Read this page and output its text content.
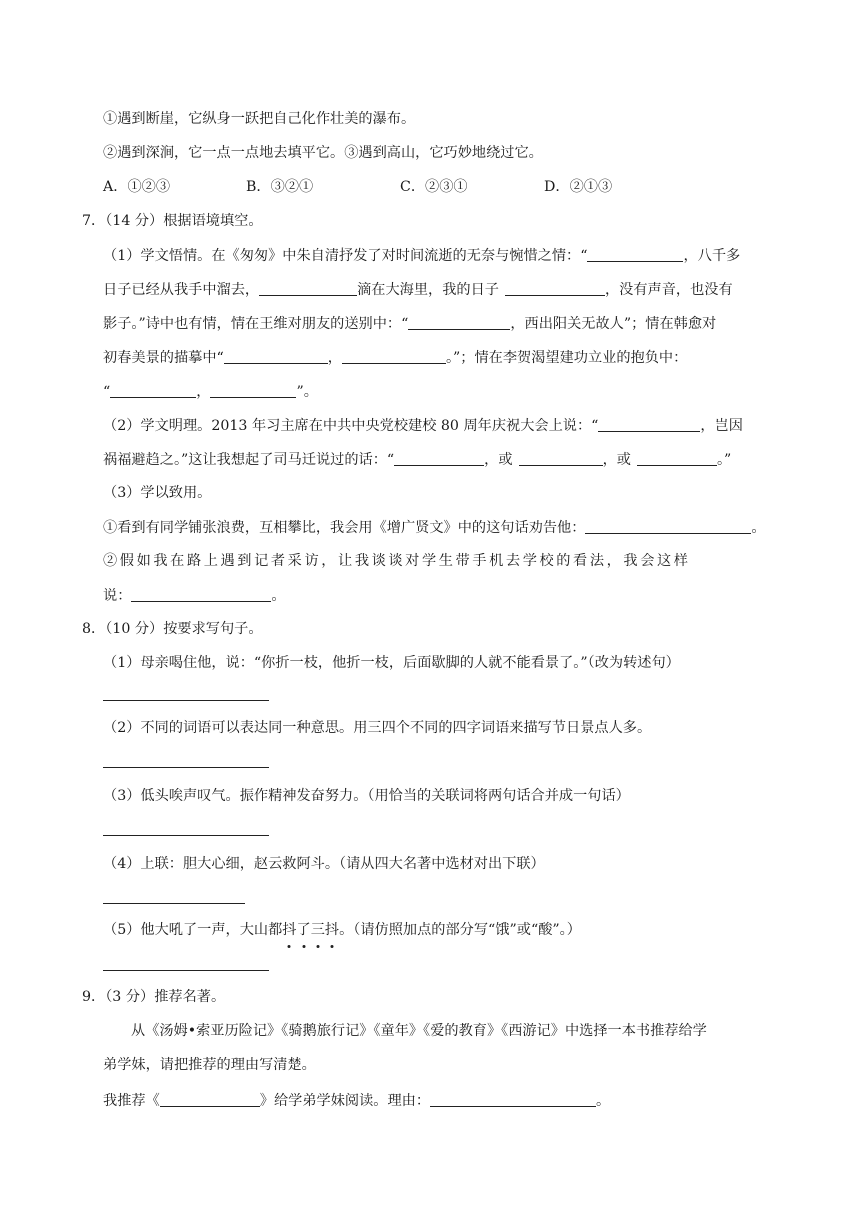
①遇到断崖，它纵身一跃把自己化作壮美的瀑布。
②遇到深涧，它一点一点地去填平它。③遇到高山，它巧妙地绕过它。
A．①②③	B．③②①	C．②③①	D．②①③
7．（14 分）根据语境填空。
（1）学文悟情。在《匆匆》中朱自清抒发了对时间流逝的无奈与惋惜之情：“	，八千多
日子已经从我手中溜去，	滴在大海里，我的日子	，没有声音，也没有
影子。”诗中也有情，情在王维对朋友的送别中：“	，西出阳关无故人”；情在韩愈对
初春美景的描摹中“	，	。”；情在李贺渴望建功立业的抱负中：
“	，	”。
（2）学文明理。2013 年习主席在中共中央党校建校 80 周年庆祝大会上说：“	，岂因
祸福避趋之。”这让我想起了司马迁说过的话：“	，或	，或	。”
（3）学以致用。
①看到有同学铺张浪费，互相攀比，我会用《增广贤文》中的这句话劝告他：	。
②假如我在路上遇到记者采访，让我谈谈对学生带手机去学校的看法，我会这样
说：	。
8．（10 分）按要求写句子。
（1）母亲喝住他，说：“你折一枝，他折一枝，后面歇脚的人就不能看景了。”（改为转述句）
（2）不同的词语可以表达同一种意思。用三四个不同的四字词语来描写节日景点人多。
（3）低头唉声叹气。振作精神发奋努力。（用恰当的关联词将两句话合并成一句话）
（4）上联：胆大心细，赵云救阿斗。（请从四大名著中选材对出下联）
（5）他大吼了一声，大山都抖了三抖。（请仿照加点的部分写“饿”或“酸”。）
9．（3 分）推荐名著。
从《汤姆•索亚历险记》《骑鹅旅行记》《童年》《爱的教育》《西游记》中选择一本书推荐给学
弟学妹，请把推荐的理由写清楚。
我推荐《	》给学弟学妹阅读。理由：	。
